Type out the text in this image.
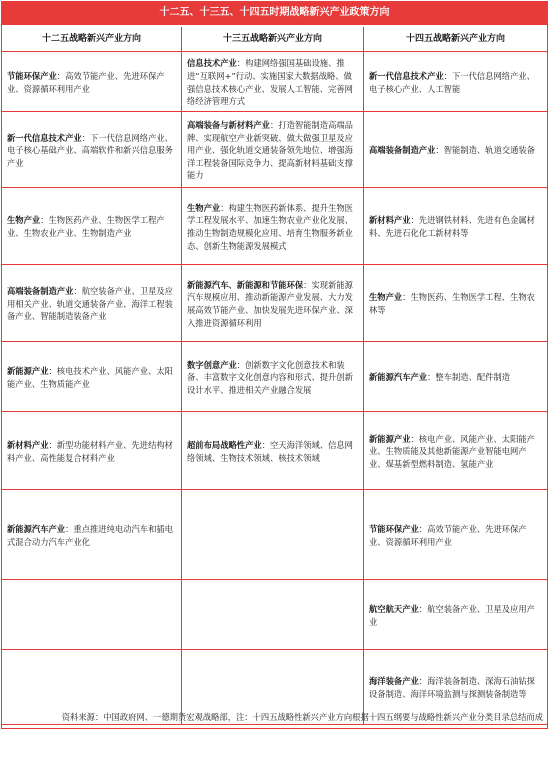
十二五、十三五、十四五时期战略新兴产业政策方向
十二五战略新兴产业方向	十三五战略新兴产业方向	十四五战略新兴产业方向

节能环保产业：高效节能产业、先进环保产业、资源循环利用产业

信息技术产业：构建网络强国基础设施、推进“互联网+”行动、实施国家大数据战略、做强信息技术核心产业、发展人工智能、完善网络经济管理方式

新一代信息技术产业：下一代信息网络产业、电子核心产业、人工智能

新一代信息技术产业：下一代信息网络产业、电子核心基础产业、高端软件和新兴信息服务产业

高端装备与新材料产业：打造智能制造高端品牌、实现航空产业新突破、做大做强卫星及应用产业、强化轨道交通装备领先地位、增强海洋工程装备国际竞争力、提高新材料基础支撑能力

高端装备制造产业：智能制造、轨道交通装备

生物产业：生物医药产业、生物医学工程产业、生物农业产业、生物制造产业

生物产业：构建生物医药新体系、提升生物医学工程发展水平、加速生物农业产业化发展、推动生物制造规模化应用、培育生物服务新业态、创新生物能源发展模式

新材料产业：先进钢铁材料、先进有色金属材料、先进石化化工新材料等

高端装备制造产业：航空装备产业、卫星及应用相关产业、轨道交通装备产业、海洋工程装备产业、智能制造装备产业

新能源汽车、新能源和节能环保：实现新能源汽车规模应用、推动新能源产业发展、大力发展高效节能产业、加快发展先进环保产业、深入推进资源循环利用

生物产业：生物医药、生物医学工程、生物农林等

新能源产业：核电技术产业、风能产业、太阳能产业、生物质能产业

数字创意产业：创新数字文化创意技术和装备、丰富数字文化创意内容和形式、提升创新设计水平、推进相关产业融合发展

新能源汽车产业：整车制造、配件制造

新材料产业：新型功能材料产业、先进结构材料产业、高性能复合材料产业

超前布局战略性产业：空天海洋领域、信息网络领域、生物技术领域、核技术领域

新能源产业：核电产业、风能产业、太阳能产业、生物质能及其他新能源产业智能电网产业、煤基新型燃料制造、氢能产业

新能源汽车产业：重点推进纯电动汽车和插电式混合动力汽车产业化

节能环保产业：高效节能产业、先进环保产业、资源循环利用产业

航空航天产业：航空装备产业、卫星及应用产业

海洋装备产业：海洋装备制造、深海石油钻探设备制造、海洋环境监测与探测装备制造等

资料来源：中国政府网、一德期货宏观战略部，注：十四五战略性新兴产业方向根据十四五纲要与战略性新兴产业分类目录总结而成
